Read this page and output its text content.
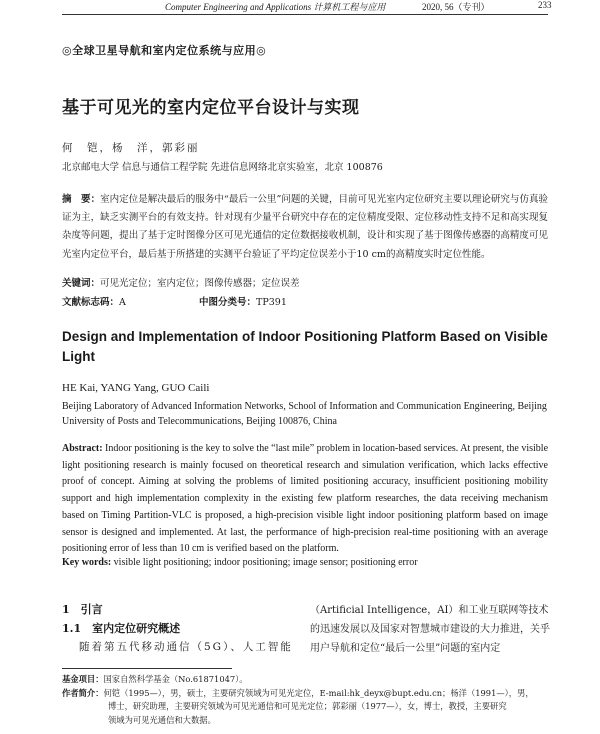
Computer Engineering and Applications 计算机工程与应用	2020, 56（专刊）	233
◎全球卫星导航和室内定位系统与应用◎
基于可见光的室内定位平台设计与实现
何　铠，杨　洋，郭彩丽
北京邮电大学 信息与通信工程学院 先进信息网络北京实验室，北京 100876
摘　要：室内定位是解决最后的服务中“最后一公里”问题的关键，目前可见光室内定位研究主要以理论研究与仿真验证为主，缺乏实测平台的有效支持。针对现有少量平台研究中存在的定位精度受限、定位移动性支持不足和高实现复杂度等问题，提出了基于定时图像分区可见光通信的定位数据接收机制，设计和实现了基于图像传感器的高精度可见光室内定位平台，最后基于所搭建的实测平台验证了平均定位误差小于10 cm的高精度实时定位性能。
关键词：可见光定位；室内定位；图像传感器；定位误差
文献标志码：A	中图分类号：TP391
Design and Implementation of Indoor Positioning Platform Based on Visible Light
HE Kai, YANG Yang, GUO Caili
Beijing Laboratory of Advanced Information Networks, School of Information and Communication Engineering, Beijing University of Posts and Telecommunications, Beijing 100876, China
Abstract: Indoor positioning is the key to solve the “last mile” problem in location-based services. At present, the visible light positioning research is mainly focused on theoretical research and simulation verification, which lacks effective proof of concept. Aiming at solving the problems of limited positioning accuracy, insufficient positioning mobility support and high implementation complexity in the existing few platform researches, the data receiving mechanism based on Timing Partition-VLC is proposed, a high-precision visible light indoor positioning platform based on image sensor is designed and implemented. At last, the performance of high-precision real-time positioning with an average positioning error of less than 10 cm is verified based on the platform.
Key words: visible light positioning; indoor positioning; image sensor; positioning error
1　引言
1.1　室内定位研究概述
随着第五代移动通信（5G）、人工智能
（Artificial Intelligence，AI）和工业互联网等技术的迅速发展以及国家对智慧城市建设的大力推进，关乎用户导航和定位“最后一公里”问题的室内定
基金项目：国家自然科学基金（No.61871047）。
作者简介：何铠（1995—），男，硕士，主要研究领域为可见光定位，E-mail:hk_deyx@bupt.edu.cn；杨洋（1991—），男，
博士，研究助理，主要研究领域为可见光通信和可见光定位；郭彩丽（1977—），女，博士，教授，主要研究
领域为可见光通信和大数据。
